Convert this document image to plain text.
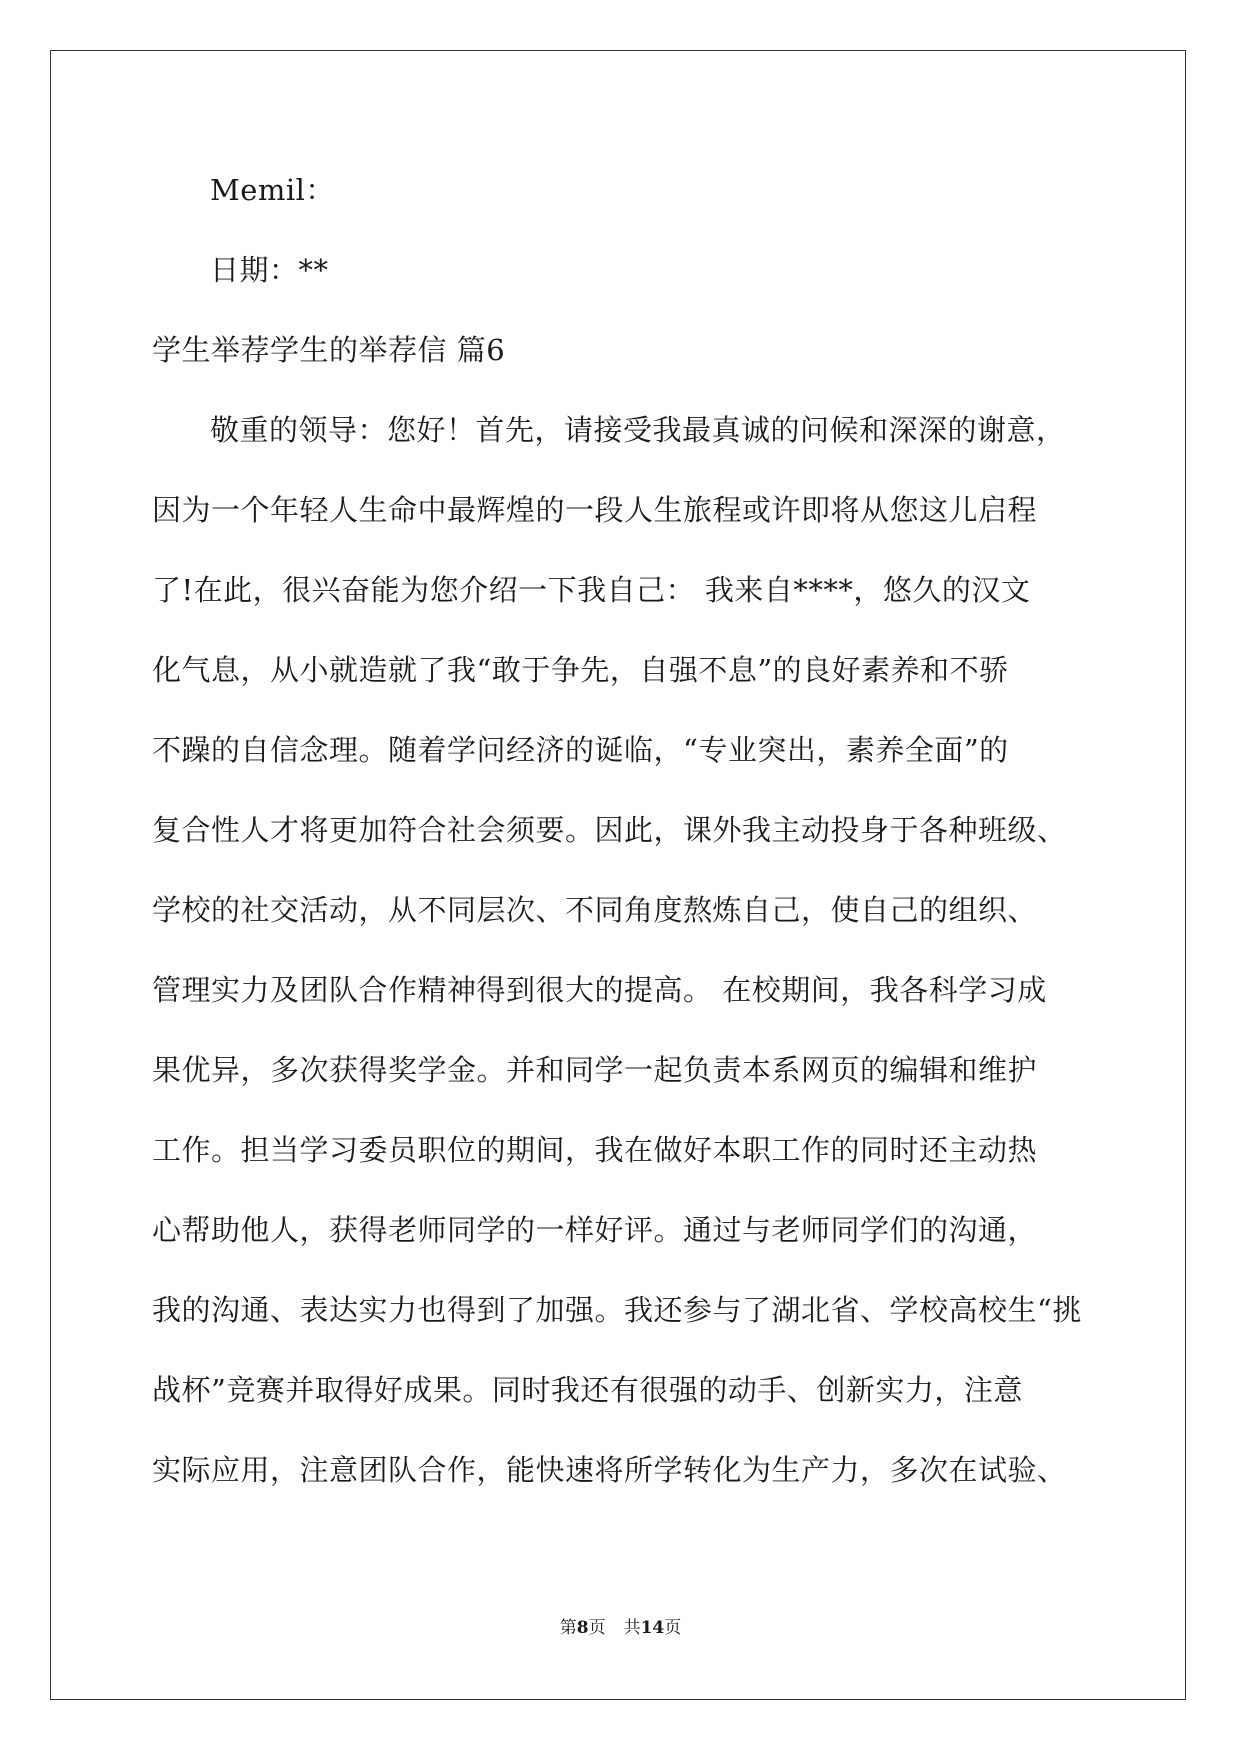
Memil：
日期：**
学生举荐学生的举荐信 篇6
敬重的领导：您好！首先，请接受我最真诚的问候和深深的谢意，
因为一个年轻人生命中最辉煌的一段人生旅程或许即将从您这儿启程
了!在此，很兴奋能为您介绍一下我自己： 我来自****，悠久的汉文
化气息，从小就造就了我“敢于争先，自强不息”的良好素养和不骄
不躁的自信念理。随着学问经济的诞临，“专业突出，素养全面”的
复合性人才将更加符合社会须要。因此，课外我主动投身于各种班级、
学校的社交活动，从不同层次、不同角度熬炼自己，使自己的组织、
管理实力及团队合作精神得到很大的提高。 在校期间，我各科学习成
果优异，多次获得奖学金。并和同学一起负责本系网页的编辑和维护
工作。担当学习委员职位的期间，我在做好本职工作的同时还主动热
心帮助他人，获得老师同学的一样好评。通过与老师同学们的沟通，
我的沟通、表达实力也得到了加强。我还参与了湖北省、学校高校生“挑
战杯”竞赛并取得好成果。同时我还有很强的动手、创新实力，注意
实际应用，注意团队合作，能快速将所学转化为生产力，多次在试验、
第8页 共14页
